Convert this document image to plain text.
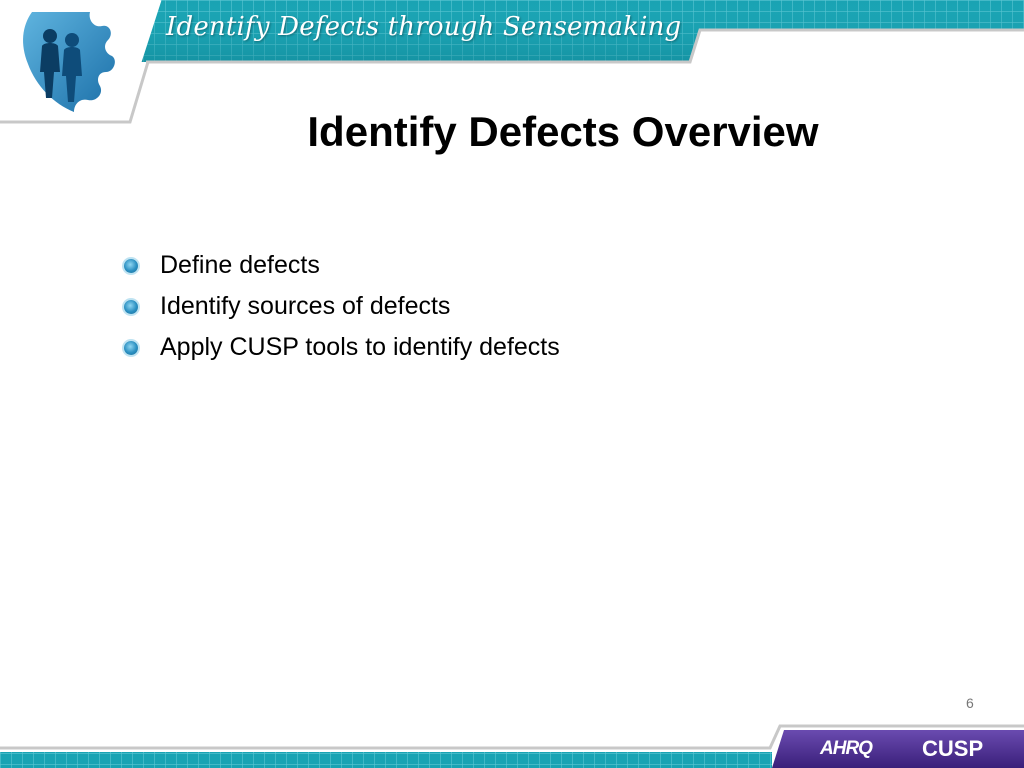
Identify Defects through Sensemaking
Identify Defects Overview
Define defects
Identify sources of defects
Apply CUSP tools to identify defects
6
AHRQ CUSP
